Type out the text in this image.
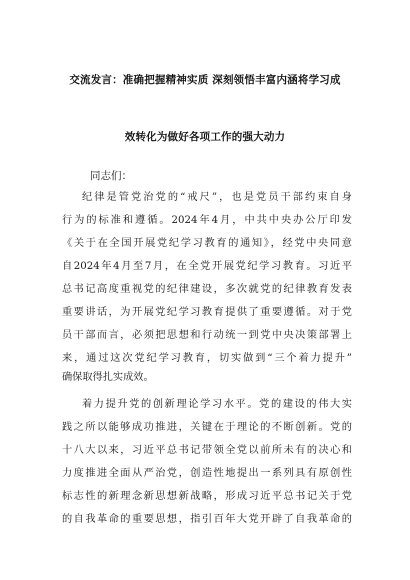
交流发言：准确把握精神实质 深刻领悟丰富内涵将学习成
效转化为做好各项工作的强大动力
同志们：
纪律是管党治党的“戒尺”，也是党员干部约束自身
行为的标准和遵循。2024年4月，中共中央办公厅印发
《关于在全国开展党纪学习教育的通知》，经党中央同意
自2024年4月至7月，在全党开展党纪学习教育。习近平
总书记高度重视党的纪律建设，多次就党的纪律教育发表
重要讲话，为开展党纪学习教育提供了重要遵循。对于党
员干部而言，必须把思想和行动统一到党中央决策部署上
来，通过这次党纪学习教育，切实做到“三个着力提升”
确保取得扎实成效。
着力提升党的创新理论学习水平。党的建设的伟大实
践之所以能够成功推进，关键在于理论的不断创新。党的
十八大以来，习近平总书记带领全党以前所未有的决心和
力度推进全面从严治党，创造性地提出一系列具有原创性
标志性的新理念新思想新战略，形成习近平总书记关于党
的自我革命的重要思想，指引百年大党开辟了自我革命的
